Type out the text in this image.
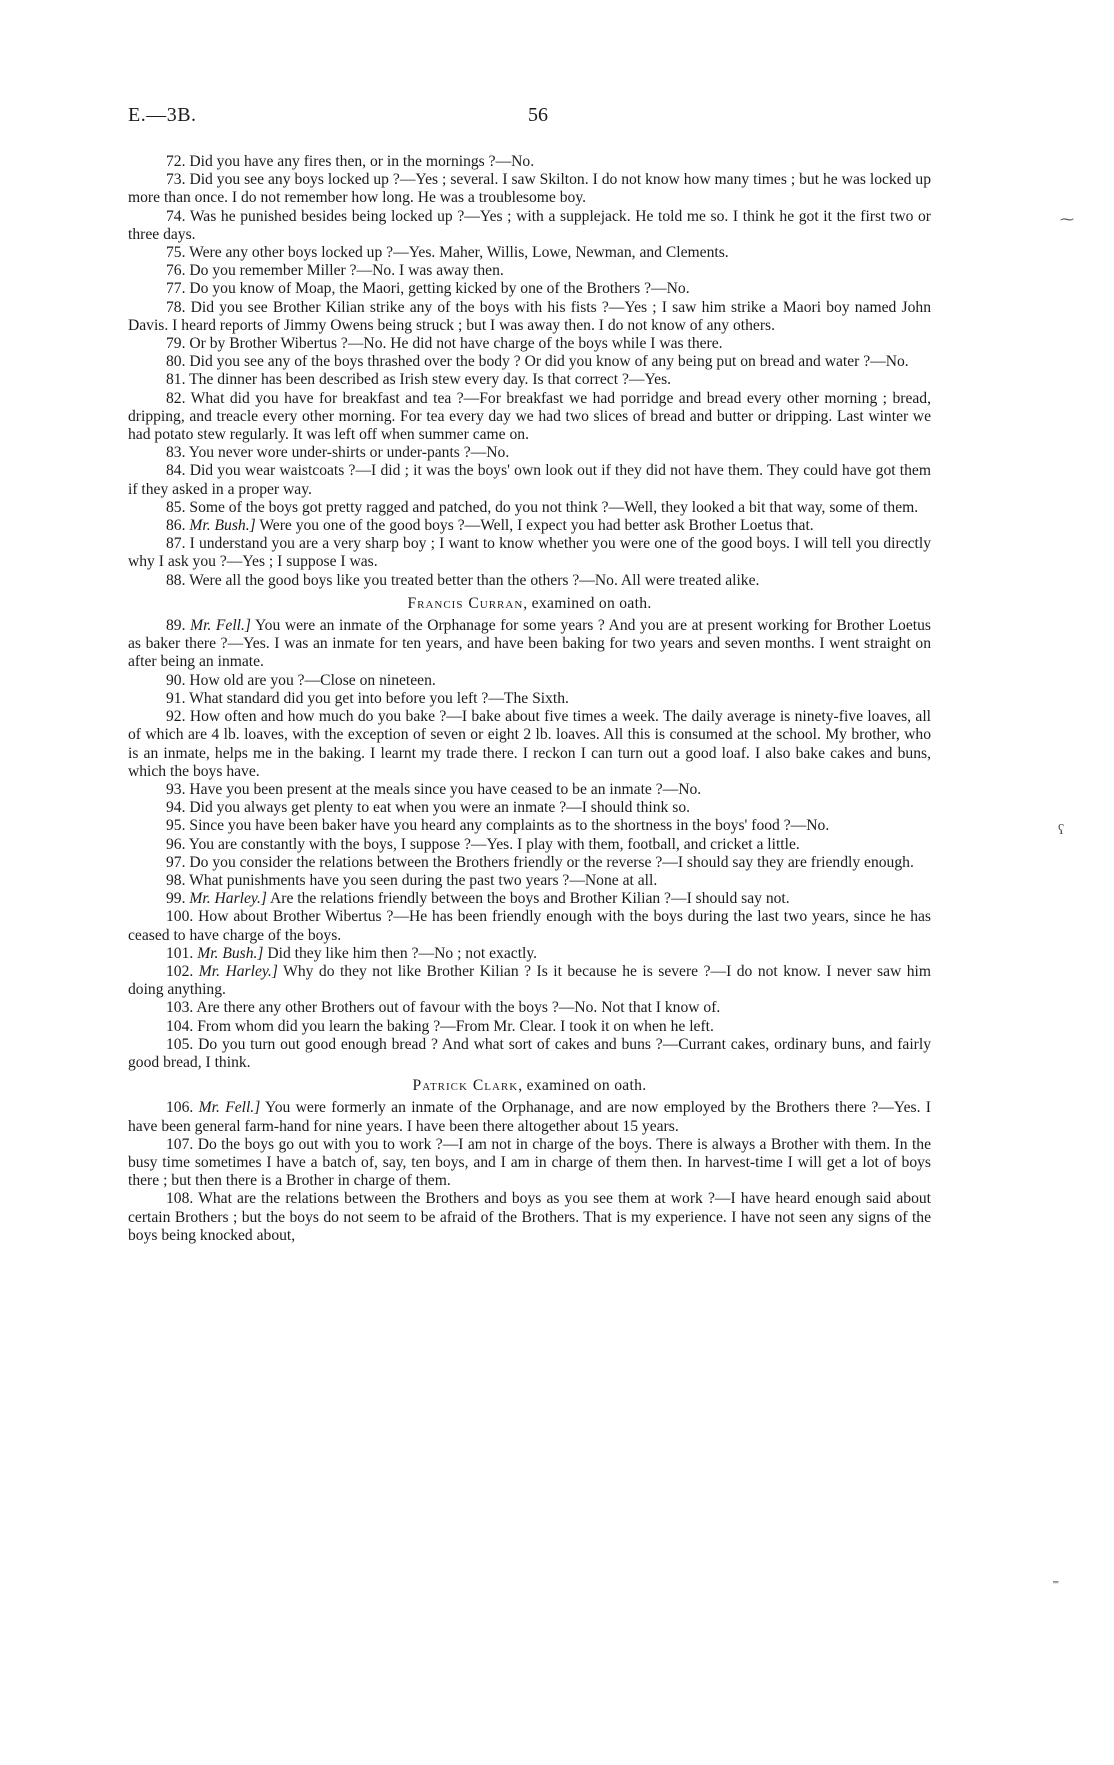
E.—3B.	56

72. Did you have any fires then, or in the mornings ?—No.

73. Did you see any boys locked up ?—Yes ; several. I saw Skilton. I do not know how many times ; but he was locked up more than once. I do not remember how long. He was a troublesome boy.

74. Was he punished besides being locked up ?—Yes ; with a supplejack. He told me so. I think he got it the first two or three days.

75. Were any other boys locked up ?—Yes. Maher, Willis, Lowe, Newman, and Clements.

76. Do you remember Miller ?—No. I was away then.

77. Do you know of Moap, the Maori, getting kicked by one of the Brothers ?—No.

78. Did you see Brother Kilian strike any of the boys with his fists ?—Yes ; I saw him strike a Maori boy named John Davis. I heard reports of Jimmy Owens being struck ; but I was away then. I do not know of any others.

79. Or by Brother Wibertus ?—No. He did not have charge of the boys while I was there.

80. Did you see any of the boys thrashed over the body ? Or did you know of any being put on bread and water ?—No.

81. The dinner has been described as Irish stew every day. Is that correct ?—Yes.

82. What did you have for breakfast and tea ?—For breakfast we had porridge and bread every other morning ; bread, dripping, and treacle every other morning. For tea every day we had two slices of bread and butter or dripping. Last winter we had potato stew regularly. It was left off when summer came on.

83. You never wore under-shirts or under-pants ?—No.

84. Did you wear waistcoats ?—I did ; it was the boys' own look out if they did not have them. They could have got them if they asked in a proper way.

85. Some of the boys got pretty ragged and patched, do you not think ?—Well, they looked a bit that way, some of them.

86. Mr. Bush.] Were you one of the good boys ?—Well, I expect you had better ask Brother Loetus that.

87. I understand you are a very sharp boy ; I want to know whether you were one of the good boys. I will tell you directly why I ask you ?—Yes ; I suppose I was.

88. Were all the good boys like you treated better than the others ?—No. All were treated alike.

Francis Curran, examined on oath.

89. Mr. Fell.] You were an inmate of the Orphanage for some years ? And you are at present working for Brother Loetus as baker there ?—Yes. I was an inmate for ten years, and have been baking for two years and seven months. I went straight on after being an inmate.

90. How old are you ?—Close on nineteen.

91. What standard did you get into before you left ?—The Sixth.

92. How often and how much do you bake ?—I bake about five times a week. The daily average is ninety-five loaves, all of which are 4 lb. loaves, with the exception of seven or eight 2 lb. loaves. All this is consumed at the school. My brother, who is an inmate, helps me in the baking. I learnt my trade there. I reckon I can turn out a good loaf. I also bake cakes and buns, which the boys have.

93. Have you been present at the meals since you have ceased to be an inmate ?—No.

94. Did you always get plenty to eat when you were an inmate ?—I should think so.

95. Since you have been baker have you heard any complaints as to the shortness in the boys' food ?—No.

96. You are constantly with the boys, I suppose ?—Yes. I play with them, football, and cricket a little.

97. Do you consider the relations between the Brothers friendly or the reverse ?—I should say they are friendly enough.

98. What punishments have you seen during the past two years ?—None at all.

99. Mr. Harley.] Are the relations friendly between the boys and Brother Kilian ?—I should say not.

100. How about Brother Wibertus ?—He has been friendly enough with the boys during the last two years, since he has ceased to have charge of the boys.

101. Mr. Bush.] Did they like him then ?—No ; not exactly.

102. Mr. Harley.] Why do they not like Brother Kilian ? Is it because he is severe ?—I do not know. I never saw him doing anything.

103. Are there any other Brothers out of favour with the boys ?—No. Not that I know of.

104. From whom did you learn the baking ?—From Mr. Clear. I took it on when he left.

105. Do you turn out good enough bread ? And what sort of cakes and buns ?—Currant cakes, ordinary buns, and fairly good bread, I think.

Patrick Clark, examined on oath.

106. Mr. Fell.] You were formerly an inmate of the Orphanage, and are now employed by the Brothers there ?—Yes. I have been general farm-hand for nine years. I have been there altogether about 15 years.

107. Do the boys go out with you to work ?—I am not in charge of the boys. There is always a Brother with them. In the busy time sometimes I have a batch of, say, ten boys, and I am in charge of them then. In harvest-time I will get a lot of boys there ; but then there is a Brother in charge of them.

108. What are the relations between the Brothers and boys as you see them at work ?—I have heard enough said about certain Brothers ; but the boys do not seem to be afraid of the Brothers. That is my experience. I have not seen any signs of the boys being knocked about,

⁓
ʕ
⁼
